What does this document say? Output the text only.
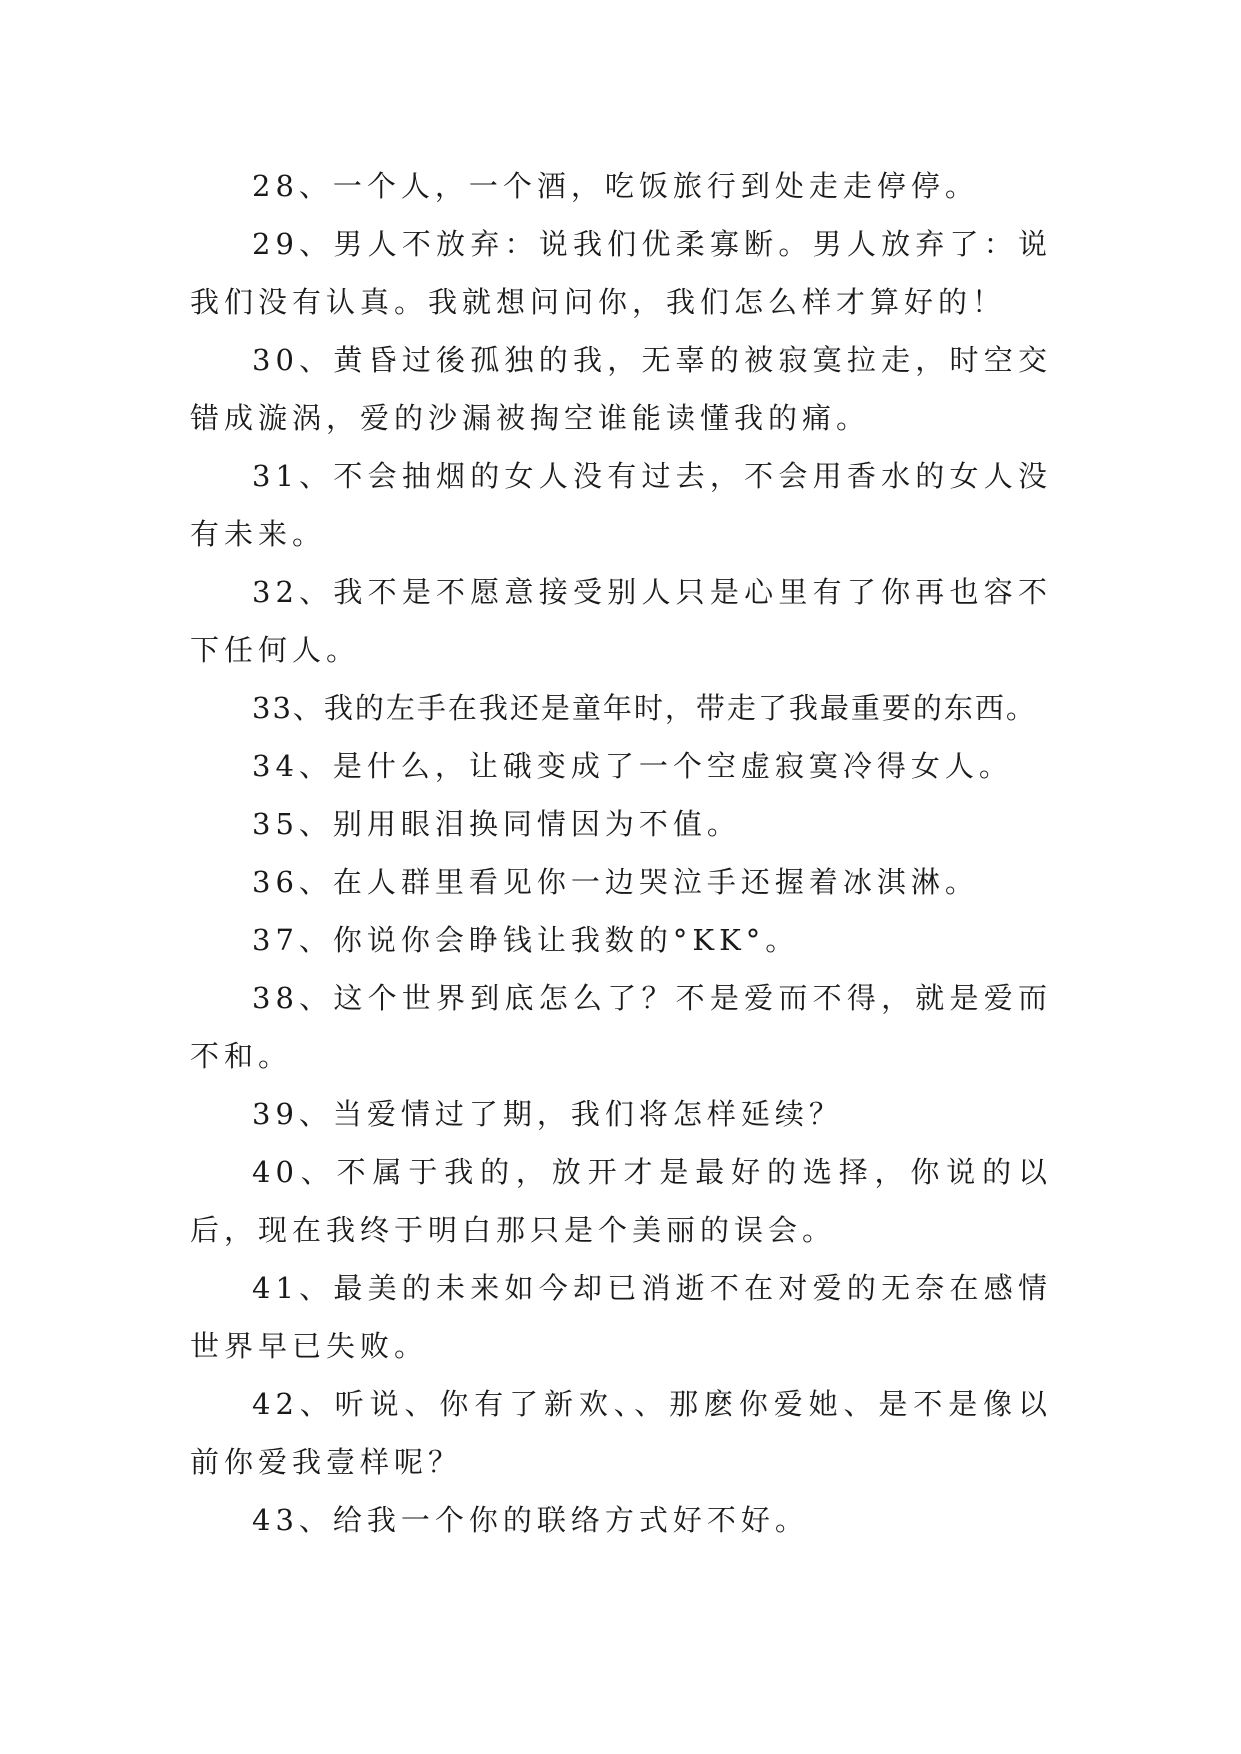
28、一个人，一个酒，吃饭旅行到处走走停停。

29、男人不放弃：说我们优柔寡断。男人放弃了：说我们没有认真。我就想问问你，我们怎么样才算好的！

30、黄昏过後孤独的我，无辜的被寂寞拉走，时空交错成漩涡，爱的沙漏被掏空谁能读懂我的痛。

31、不会抽烟的女人没有过去，不会用香水的女人没有未来。

32、我不是不愿意接受别人只是心里有了你再也容不下任何人。

33、我的左手在我还是童年时，带走了我最重要的东西。

34、是什么，让硪变成了一个空虚寂寞冷得女人。

35、别用眼泪换同情因为不值。

36、在人群里看见你一边哭泣手还握着冰淇淋。

37、你说你会睁钱让我数的°KK°。

38、这个世界到底怎么了？不是爱而不得，就是爱而不和。

39、当爱情过了期，我们将怎样延续？

40、不属于我的，放开才是最好的选择，你说的以后，现在我终于明白那只是个美丽的误会。

41、最美的未来如今却已消逝不在对爱的无奈在感情世界早已失败。

42、听说、你有了新欢、、那麽你爱她、是不是像以前你爱我壹样呢？

43、给我一个你的联络方式好不好。
